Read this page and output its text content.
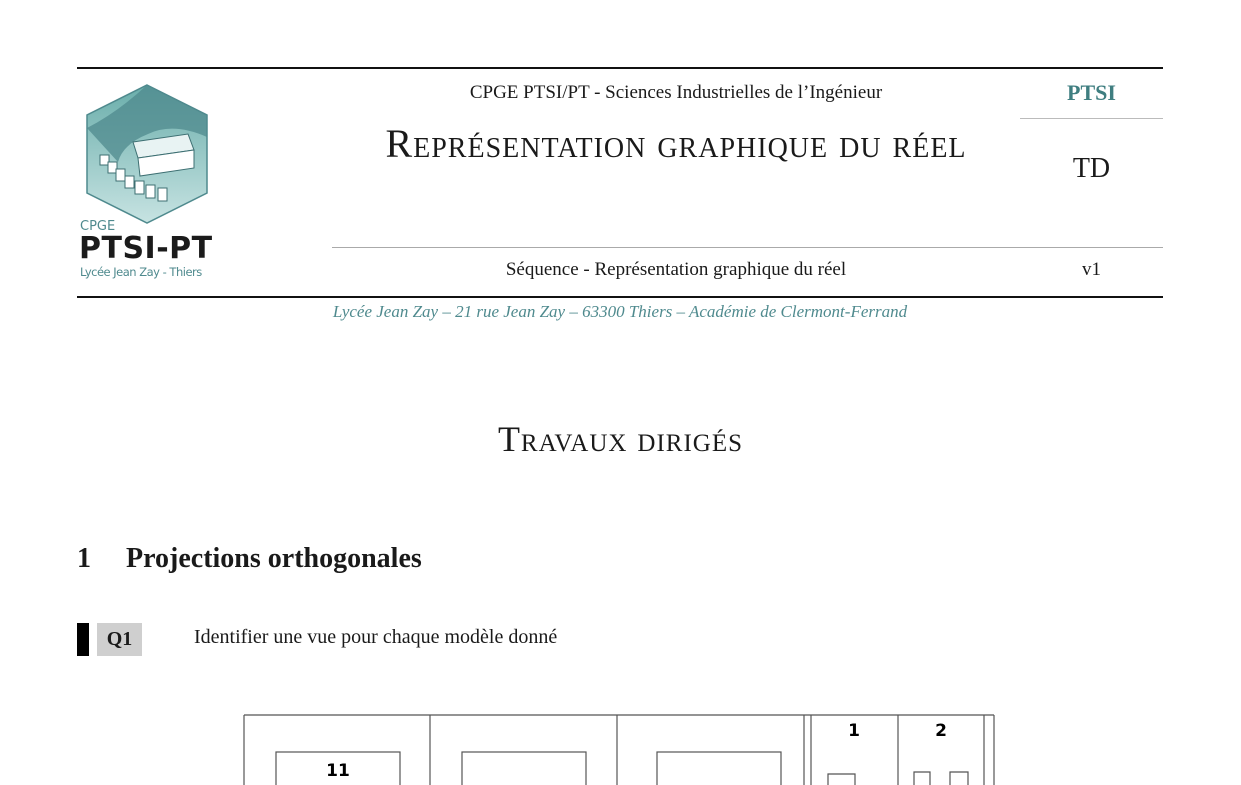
CPGE
PTSI-PT
Lycée Jean Zay - Thiers
CPGE PTSI/PT - Sciences Industrielles de l’Ingénieur
Représentation graphique du réel
PTSI
TD
Séquence - Représentation graphique du réel	v1
Lycée Jean Zay – 21 rue Jean Zay – 63300 Thiers – Académie de Clermont-Ferrand
Travaux dirigés
1 Projections orthogonales
Q1	Identifier une vue pour chaque modèle donné
11
1	2
